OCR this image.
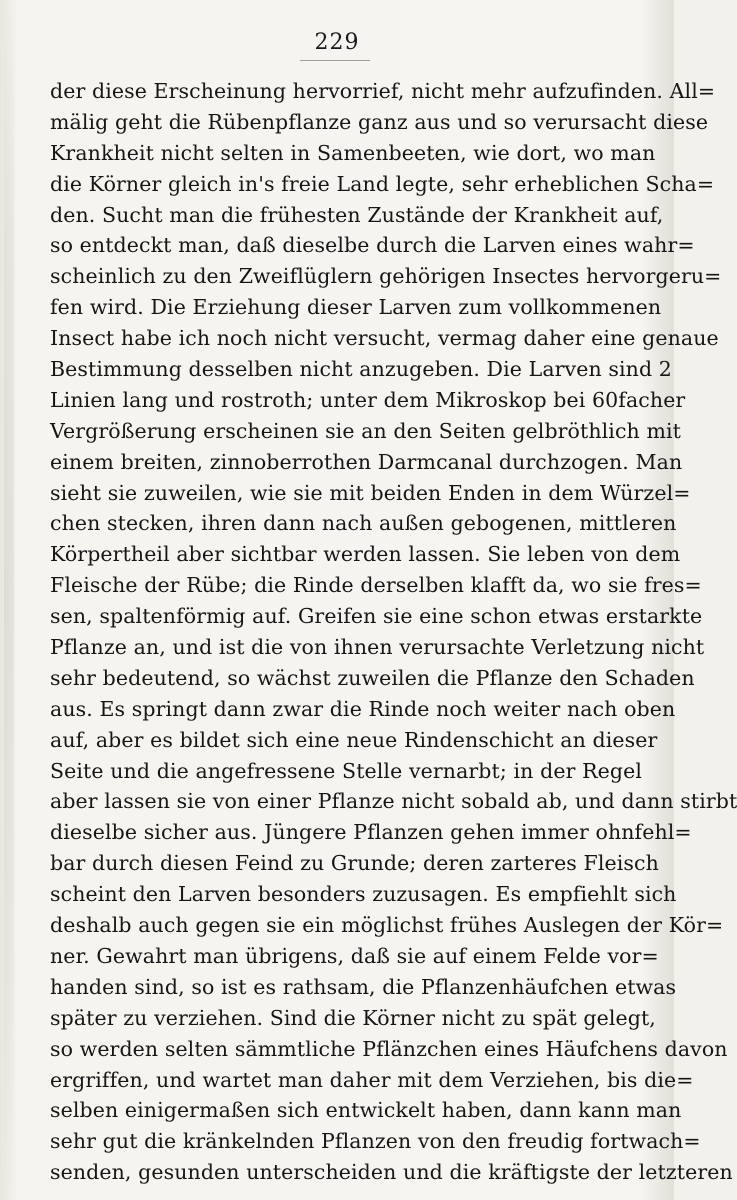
229
der diese Erscheinung hervorrief, nicht mehr aufzufinden. All=
mälig geht die Rübenpflanze ganz aus und so verursacht diese
Krankheit nicht selten in Samenbeeten, wie dort, wo man
die Körner gleich in's freie Land legte, sehr erheblichen Scha=
den. Sucht man die frühesten Zustände der Krankheit auf,
so entdeckt man, daß dieselbe durch die Larven eines wahr=
scheinlich zu den Zweiflüglern gehörigen Insectes hervorgeru=
fen wird. Die Erziehung dieser Larven zum vollkommenen
Insect habe ich noch nicht versucht, vermag daher eine genaue
Bestimmung desselben nicht anzugeben. Die Larven sind 2
Linien lang und rostroth; unter dem Mikroskop bei 60facher
Vergrößerung erscheinen sie an den Seiten gelbröthlich mit
einem breiten, zinnoberrothen Darmcanal durchzogen. Man
sieht sie zuweilen, wie sie mit beiden Enden in dem Würzel=
chen stecken, ihren dann nach außen gebogenen, mittleren
Körpertheil aber sichtbar werden lassen. Sie leben von dem
Fleische der Rübe; die Rinde derselben klafft da, wo sie fres=
sen, spaltenförmig auf. Greifen sie eine schon etwas erstarkte
Pflanze an, und ist die von ihnen verursachte Verletzung nicht
sehr bedeutend, so wächst zuweilen die Pflanze den Schaden
aus. Es springt dann zwar die Rinde noch weiter nach oben
auf, aber es bildet sich eine neue Rindenschicht an dieser
Seite und die angefressene Stelle vernarbt; in der Regel
aber lassen sie von einer Pflanze nicht sobald ab, und dann stirbt
dieselbe sicher aus. Jüngere Pflanzen gehen immer ohnfehl=
bar durch diesen Feind zu Grunde; deren zarteres Fleisch
scheint den Larven besonders zuzusagen. Es empfiehlt sich
deshalb auch gegen sie ein möglichst frühes Auslegen der Kör=
ner. Gewahrt man übrigens, daß sie auf einem Felde vor=
handen sind, so ist es rathsam, die Pflanzenhäufchen etwas
später zu verziehen. Sind die Körner nicht zu spät gelegt,
so werden selten sämmtliche Pflänzchen eines Häufchens davon
ergriffen, und wartet man daher mit dem Verziehen, bis die=
selben einigermaßen sich entwickelt haben, dann kann man
sehr gut die kränkelnden Pflanzen von den freudig fortwach=
senden, gesunden unterscheiden und die kräftigste der letzteren
